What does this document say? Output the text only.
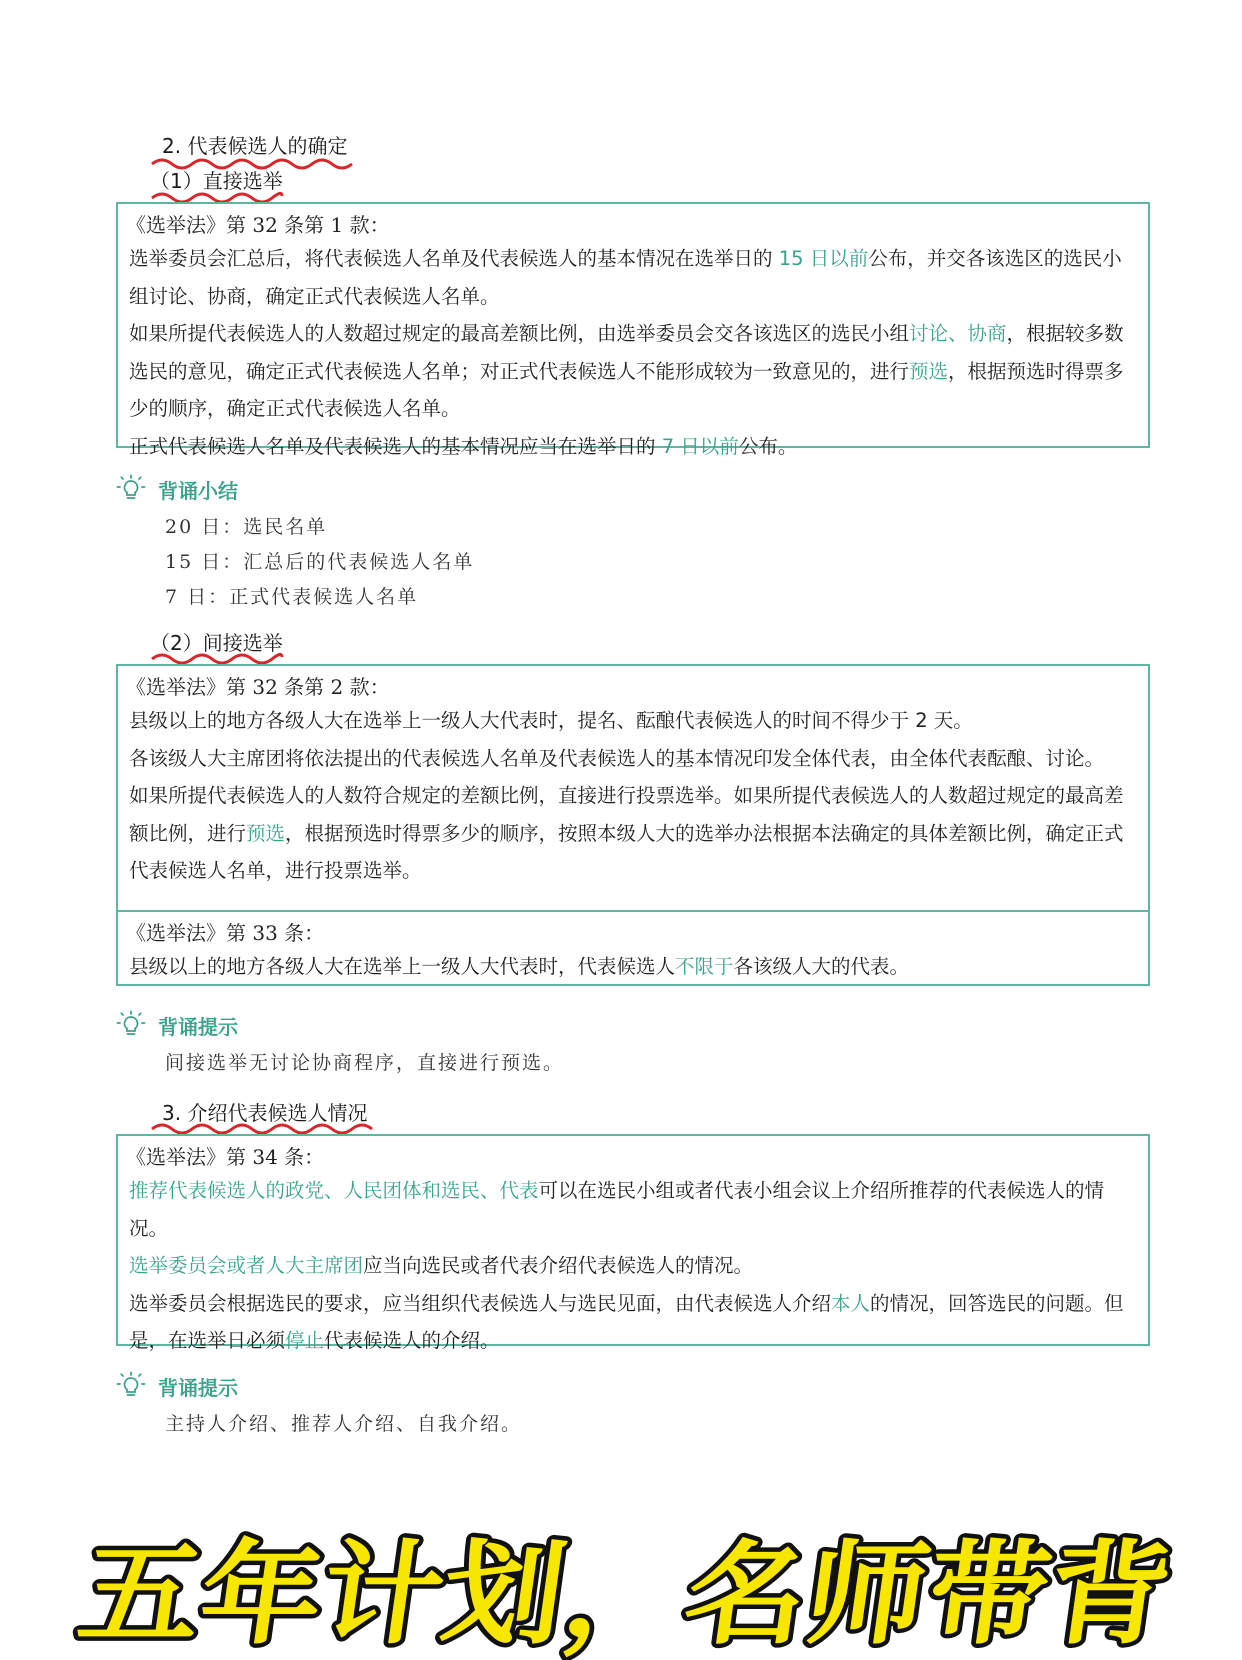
2. 代表候选人的确定
（1）直接选举
《选举法》第 32 条第 1 款：

选举委员会汇总后，将代表候选人名单及代表候选人的基本情况在选举日的 15 日以前公布，并交各该选区的选民小组讨论、协商，确定正式代表候选人名单。

如果所提代表候选人的人数超过规定的最高差额比例，由选举委员会交各该选区的选民小组讨论、协商，根据较多数选民的意见，确定正式代表候选人名单；对正式代表候选人不能形成较为一致意见的，进行预选，根据预选时得票多少的顺序，确定正式代表候选人名单。

正式代表候选人名单及代表候选人的基本情况应当在选举日的 7 日以前公布。

背诵小结
20 日：选民名单
15 日：汇总后的代表候选人名单
7 日：正式代表候选人名单
（2）间接选举
《选举法》第 32 条第 2 款：

县级以上的地方各级人大在选举上一级人大代表时，提名、酝酿代表候选人的时间不得少于 2 天。

各该级人大主席团将依法提出的代表候选人名单及代表候选人的基本情况印发全体代表，由全体代表酝酿、讨论。

如果所提代表候选人的人数符合规定的差额比例，直接进行投票选举。如果所提代表候选人的人数超过规定的最高差额比例，进行预选，根据预选时得票多少的顺序，按照本级人大的选举办法根据本法确定的具体差额比例，确定正式代表候选人名单，进行投票选举。

《选举法》第 33 条：

县级以上的地方各级人大在选举上一级人大代表时，代表候选人不限于各该级人大的代表。

背诵提示
间接选举无讨论协商程序，直接进行预选。
3. 介绍代表候选人情况
《选举法》第 34 条：

推荐代表候选人的政党、人民团体和选民、代表可以在选民小组或者代表小组会议上介绍所推荐的代表候选人的情况。

选举委员会或者人大主席团应当向选民或者代表介绍代表候选人的情况。

选举委员会根据选民的要求，应当组织代表候选人与选民见面，由代表候选人介绍本人的情况，回答选民的问题。但是，在选举日必须停止代表候选人的介绍。

背诵提示
主持人介绍、推荐人介绍、自我介绍。
五年计划，名师带背
